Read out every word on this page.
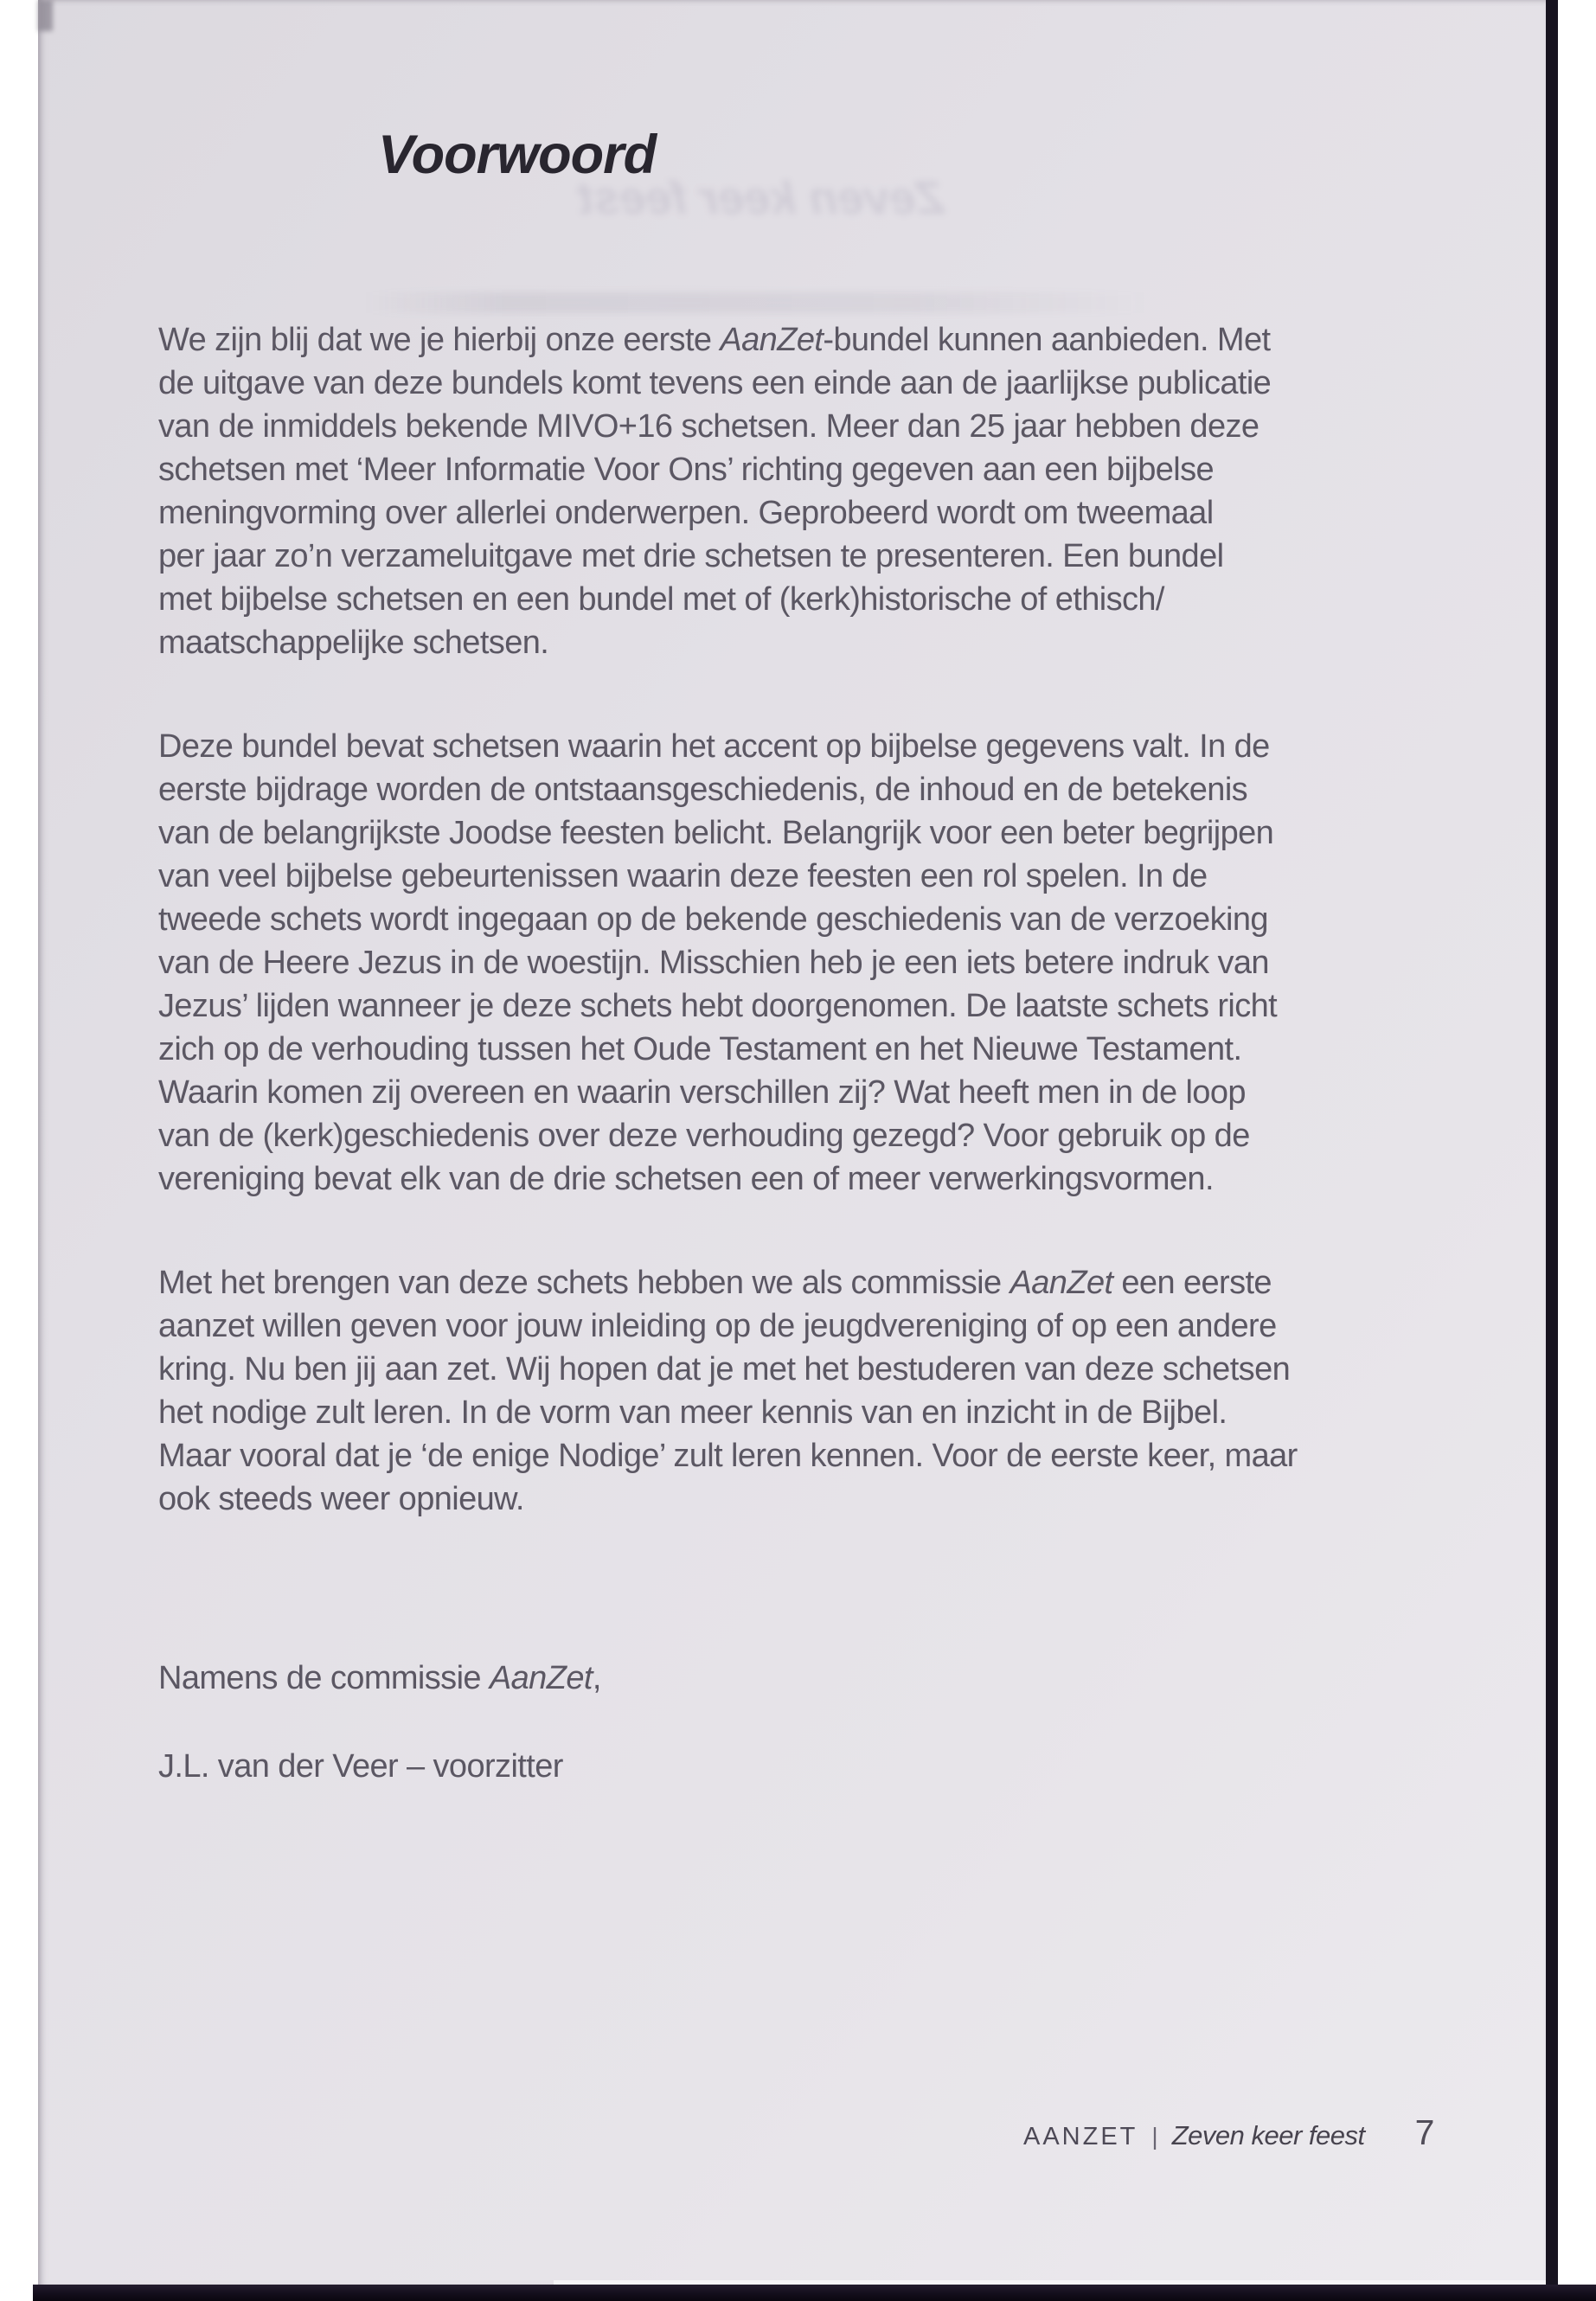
Zeven keer feest
Voorwoord
We zijn blij dat we je hierbij onze eerste AanZet-bundel kunnen aanbieden. Met
de uitgave van deze bundels komt tevens een einde aan de jaarlijkse publicatie
van de inmiddels bekende MIVO+16 schetsen. Meer dan 25 jaar hebben deze
schetsen met ‘Meer Informatie Voor Ons’ richting gegeven aan een bijbelse
meningvorming over allerlei onderwerpen. Geprobeerd wordt om tweemaal
per jaar zo’n verzameluitgave met drie schetsen te presenteren. Een bundel
met bijbelse schetsen en een bundel met of (kerk)historische of ethisch/
maatschappelijke schetsen.
Deze bundel bevat schetsen waarin het accent op bijbelse gegevens valt. In de
eerste bijdrage worden de ontstaansgeschiedenis, de inhoud en de betekenis
van de belangrijkste Joodse feesten belicht. Belangrijk voor een beter begrijpen
van veel bijbelse gebeurtenissen waarin deze feesten een rol spelen. In de
tweede schets wordt ingegaan op de bekende geschiedenis van de verzoeking
van de Heere Jezus in de woestijn. Misschien heb je een iets betere indruk van
Jezus’ lijden wanneer je deze schets hebt doorgenomen. De laatste schets richt
zich op de verhouding tussen het Oude Testament en het Nieuwe Testament.
Waarin komen zij overeen en waarin verschillen zij? Wat heeft men in de loop
van de (kerk)geschiedenis over deze verhouding gezegd? Voor gebruik op de
vereniging bevat elk van de drie schetsen een of meer verwerkingsvormen.
Met het brengen van deze schets hebben we als commissie AanZet een eerste
aanzet willen geven voor jouw inleiding op de jeugdvereniging of op een andere
kring. Nu ben jij aan zet. Wij hopen dat je met het bestuderen van deze schetsen
het nodige zult leren. In de vorm van meer kennis van en inzicht in de Bijbel.
Maar vooral dat je ‘de enige Nodige’ zult leren kennen. Voor de eerste keer, maar
ook steeds weer opnieuw.
Namens de commissie AanZet,
J.L. van der Veer – voorzitter
AANZET | Zeven keer feest 7
